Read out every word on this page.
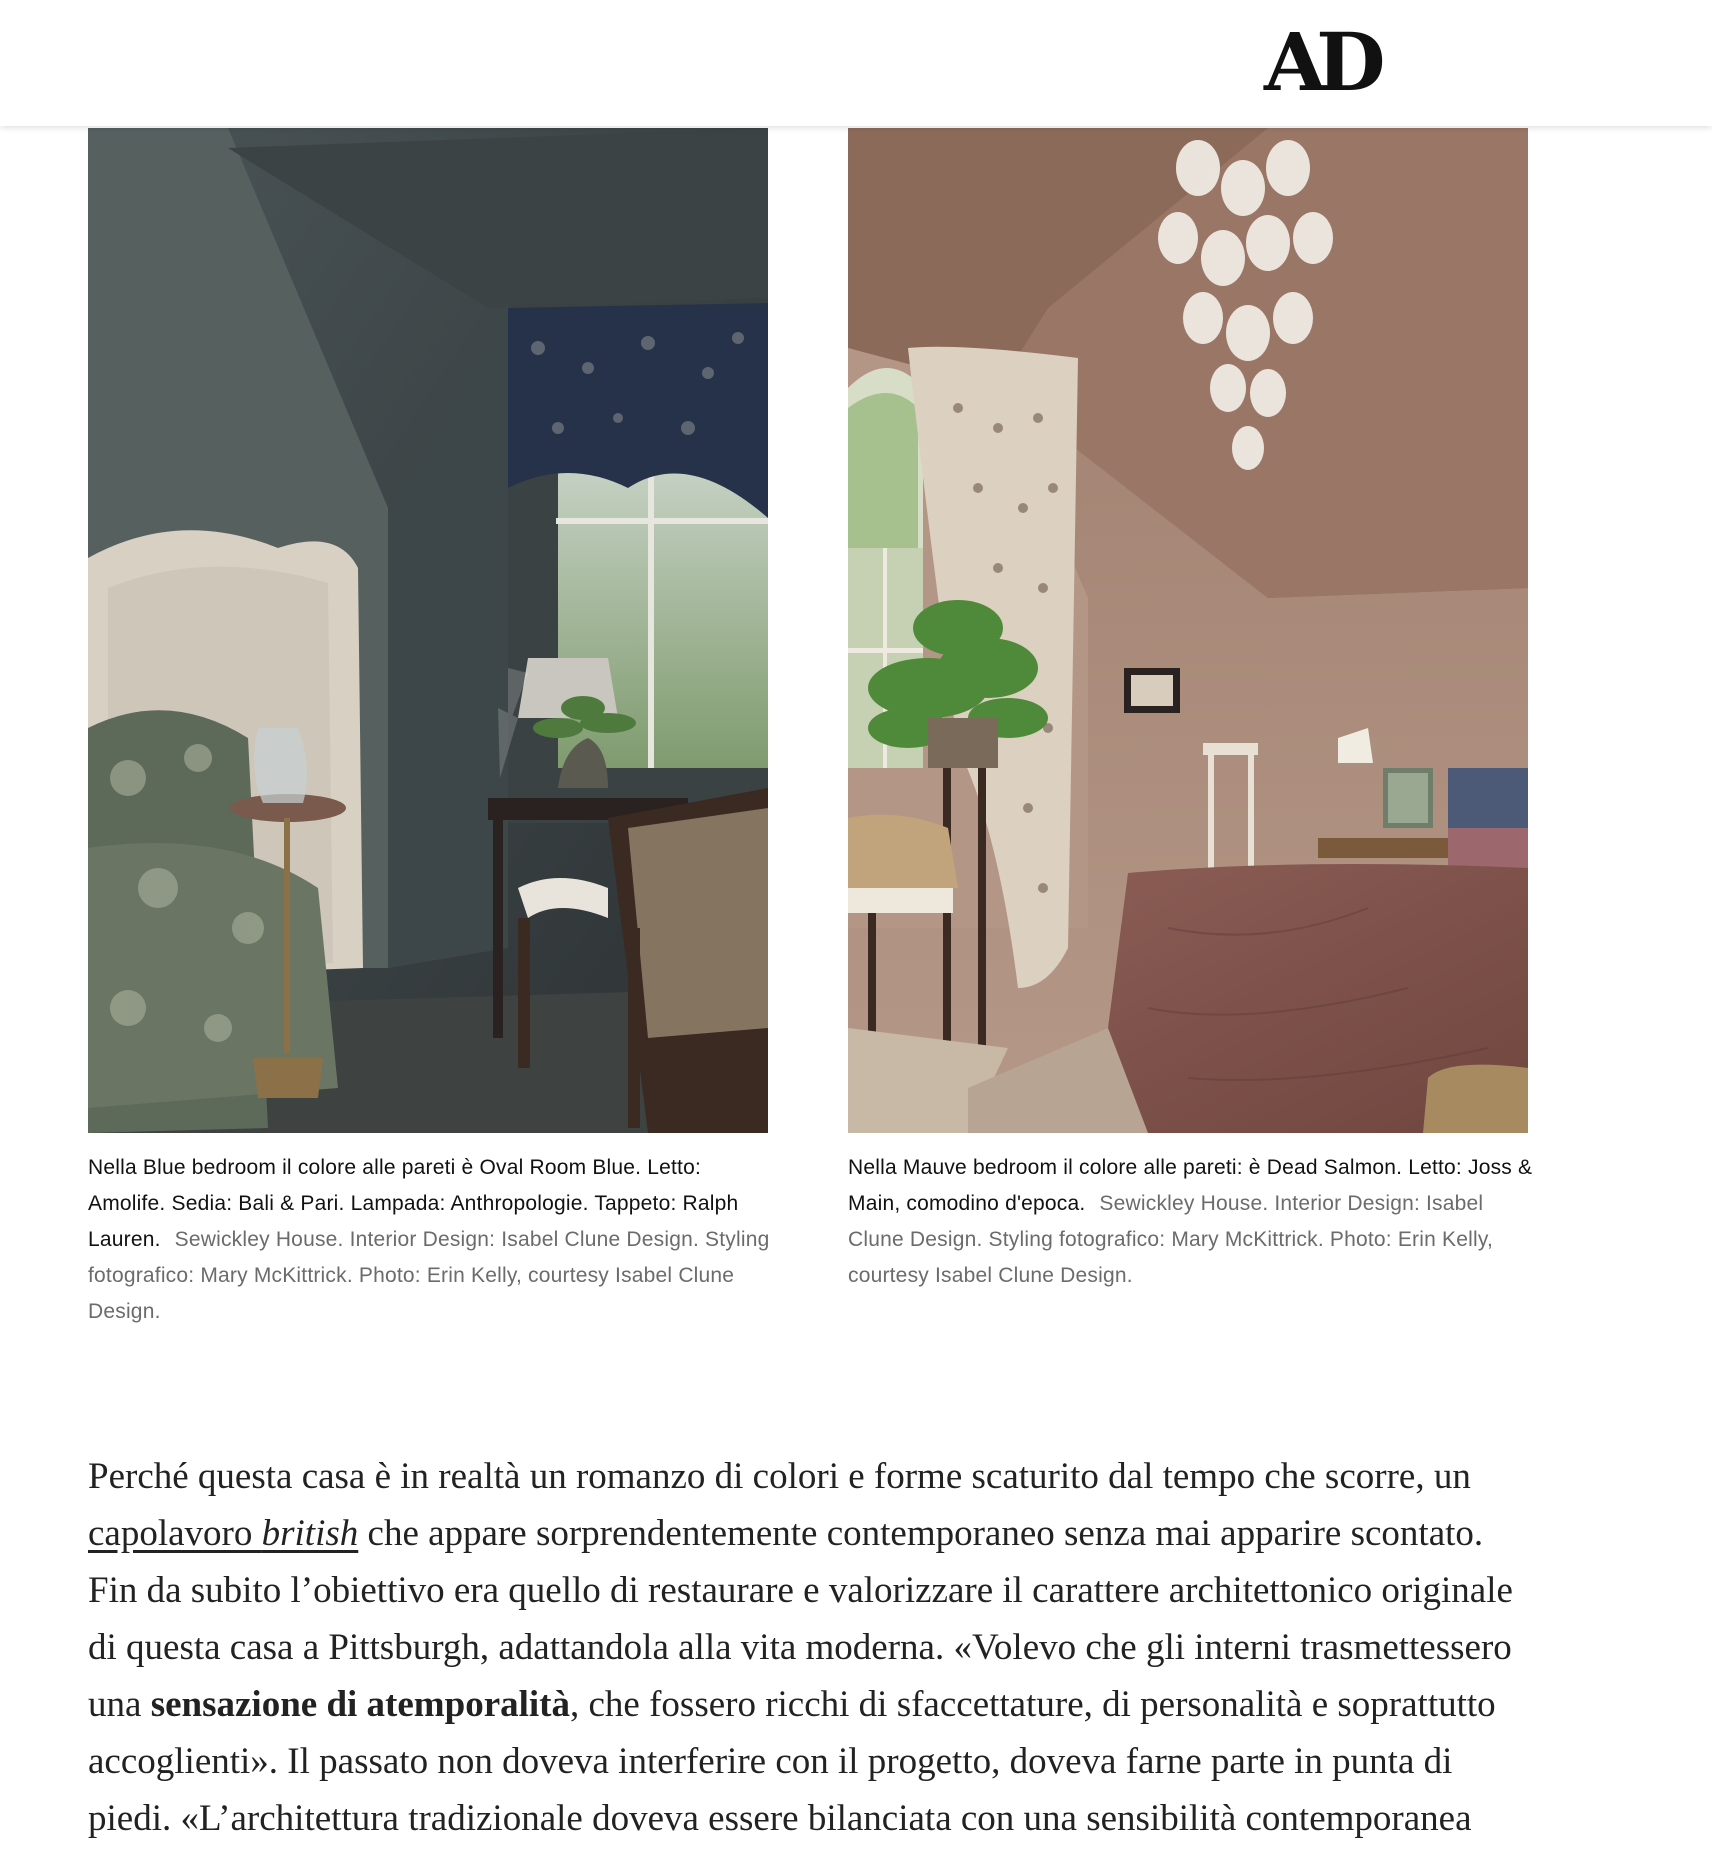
AD
Nella Blue bedroom il colore alle pareti è Oval Room Blue. Letto: Amolife. Sedia: Bali & Pari. Lampada: Anthropologie. Tappeto: Ralph Lauren. Sewickley House. Interior Design: Isabel Clune Design. Styling fotografico: Mary McKittrick. Photo: Erin Kelly, courtesy Isabel Clune Design.
Nella Mauve bedroom il colore alle pareti: è Dead Salmon. Letto: Joss & Main, comodino d'epoca. Sewickley House. Interior Design: Isabel Clune Design. Styling fotografico: Mary McKittrick. Photo: Erin Kelly, courtesy Isabel Clune Design.

Perché questa casa è in realtà un romanzo di colori e forme scaturito dal tempo che scorre, un capolavoro british che appare sorprendentemente contemporaneo senza mai apparire scontato. Fin da subito l’obiettivo era quello di restaurare e valorizzare il carattere architettonico originale di questa casa a Pittsburgh, adattandola alla vita moderna. «Volevo che gli interni trasmettessero una sensazione di atemporalità, che fossero ricchi di sfaccettature, di personalità e soprattutto accoglienti». Il passato non doveva interferire con il progetto, doveva farne parte in punta di piedi. «L’architettura tradizionale doveva essere bilanciata con una sensibilità contemporanea
